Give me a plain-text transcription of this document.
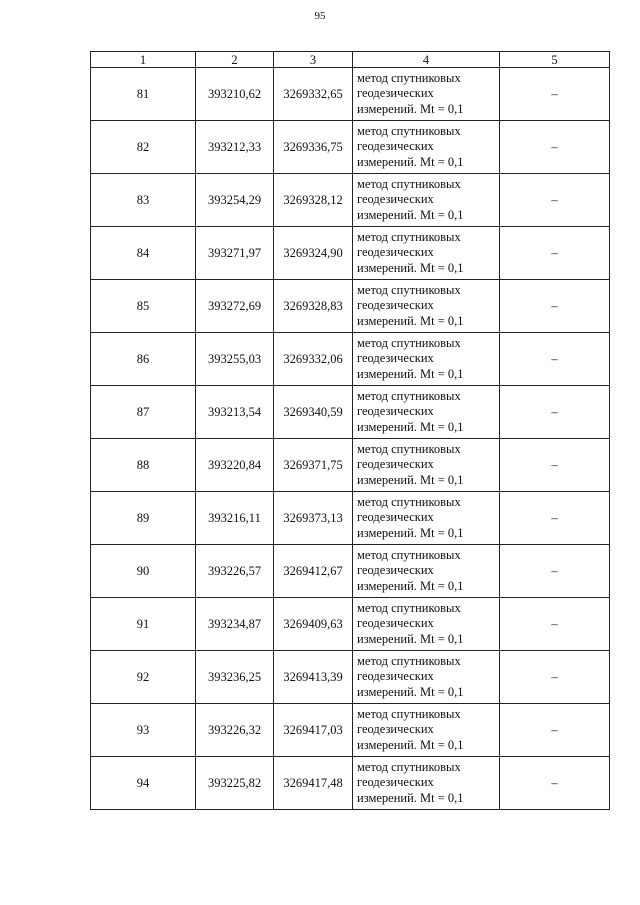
95
1	2	3	4	5
81	393210,62	3269332,65	метод спутниковых
геодезических
измерений. Mt = 0,1	–
82	393212,33	3269336,75	метод спутниковых
геодезических
измерений. Mt = 0,1	–
83	393254,29	3269328,12	метод спутниковых
геодезических
измерений. Mt = 0,1	–
84	393271,97	3269324,90	метод спутниковых
геодезических
измерений. Mt = 0,1	–
85	393272,69	3269328,83	метод спутниковых
геодезических
измерений. Mt = 0,1	–
86	393255,03	3269332,06	метод спутниковых
геодезических
измерений. Mt = 0,1	–
87	393213,54	3269340,59	метод спутниковых
геодезических
измерений. Mt = 0,1	–
88	393220,84	3269371,75	метод спутниковых
геодезических
измерений. Mt = 0,1	–
89	393216,11	3269373,13	метод спутниковых
геодезических
измерений. Mt = 0,1	–
90	393226,57	3269412,67	метод спутниковых
геодезических
измерений. Mt = 0,1	–
91	393234,87	3269409,63	метод спутниковых
геодезических
измерений. Mt = 0,1	–
92	393236,25	3269413,39	метод спутниковых
геодезических
измерений. Mt = 0,1	–
93	393226,32	3269417,03	метод спутниковых
геодезических
измерений. Mt = 0,1	–
94	393225,82	3269417,48	метод спутниковых
геодезических
измерений. Mt = 0,1	–
